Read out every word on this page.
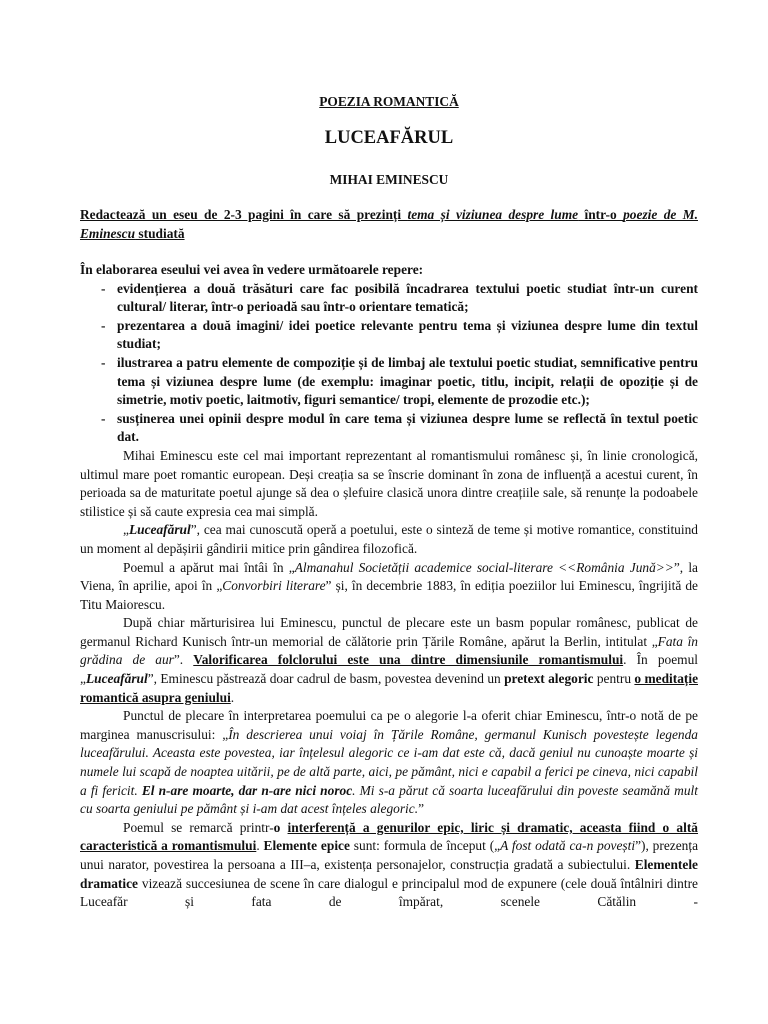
POEZIA ROMANTICĂ
LUCEAFĂRUL
MIHAI EMINESCU
Redactează un eseu de 2-3 pagini în care să prezinți tema și viziunea despre lume într-o poezie de M. Eminescu studiată
În elaborarea eseului vei avea în vedere următoarele repere:
- evidențierea a două trăsături care fac posibilă încadrarea textului poetic studiat într-un curent cultural/ literar, într-o perioadă sau într-o orientare tematică;
- prezentarea a două imagini/ idei poetice relevante pentru tema și viziunea despre lume din textul studiat;
- ilustrarea a patru elemente de compoziție și de limbaj ale textului poetic studiat, semnificative pentru tema și viziunea despre lume (de exemplu: imaginar poetic, titlu, incipit, relații de opoziție și de simetrie, motiv poetic, laitmotiv, figuri semantice/ tropi, elemente de prozodie etc.);
- susținerea unei opinii despre modul în care tema și viziunea despre lume se reflectă în textul poetic dat.

Mihai Eminescu este cel mai important reprezentant al romantismului românesc și, în linie cronologică, ultimul mare poet romantic european. Deși creația sa se înscrie dominant în zona de influență a acestui curent, în perioada sa de maturitate poetul ajunge să dea o șlefuire clasică unora dintre creațiile sale, să renunțe la podoabele stilistice și să caute expresia cea mai simplă.

„Luceafărul”, cea mai cunoscută operă a poetului, este o sinteză de teme și motive romantice, constituind un moment al depășirii gândirii mitice prin gândirea filozofică.

Poemul a apărut mai întâi în „Almanahul Societății academice social-literare <<România Jună>>”, la Viena, în aprilie, apoi în „Convorbiri literare” și, în decembrie 1883, în ediția poeziilor lui Eminescu, îngrijită de Titu Maiorescu.

După chiar mărturisirea lui Eminescu, punctul de plecare este un basm popular românesc, publicat de germanul Richard Kunisch într-un memorial de călătorie prin Țările Române, apărut la Berlin, intitulat „Fata în grădina de aur”. Valorificarea folclorului este una dintre dimensiunile romantismului. În poemul „Luceafărul”, Eminescu păstrează doar cadrul de basm, povestea devenind un pretext alegoric pentru o meditație romantică asupra geniului.

Punctul de plecare în interpretarea poemului ca pe o alegorie l-a oferit chiar Eminescu, într-o notă de pe marginea manuscrisului: „În descrierea unui voiaj în Țările Române, germanul Kunisch povestește legenda luceafărului. Aceasta este povestea, iar înțelesul alegoric ce i-am dat este că, dacă geniul nu cunoaște moarte și numele lui scapă de noaptea uitării, pe de altă parte, aici, pe pământ, nici e capabil a ferici pe cineva, nici capabil a fi fericit. El n-are moarte, dar n-are nici noroc. Mi s-a părut că soarta luceafărului din poveste seamănă mult cu soarta geniului pe pământ și i-am dat acest înțeles alegoric.”

Poemul se remarcă printr-o interferență a genurilor epic, liric și dramatic, aceasta fiind o altă caracteristică a romantismului. Elemente epice sunt: formula de început („A fost odată ca-n povești”), prezența unui narator, povestirea la persoana a III–a, existența personajelor, construcția gradată a subiectului. Elementele dramatice vizează succesiunea de scene în care dialogul e principalul mod de expunere (cele două întâlniri dintre Luceafăr și fata de împărat, scenele Cătălin -
